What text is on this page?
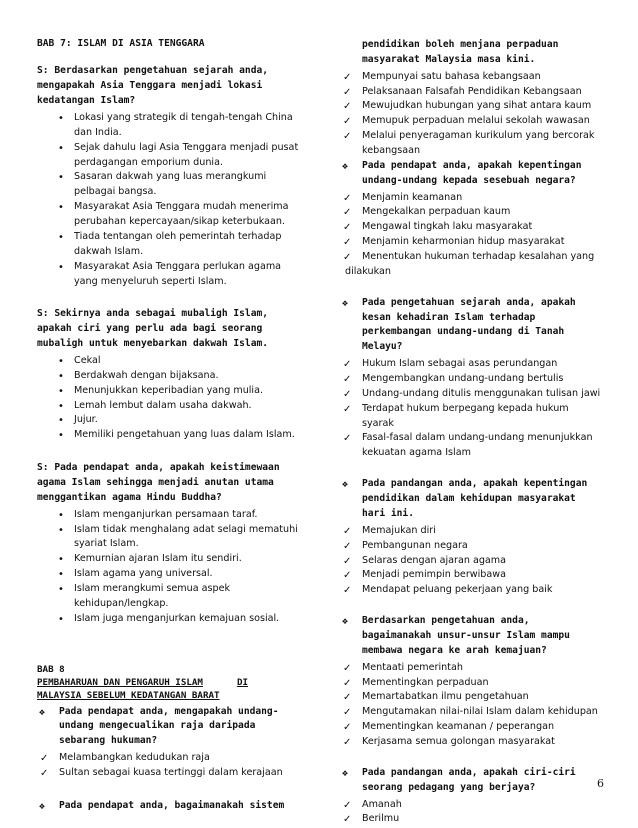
BAB 7: ISLAM DI ASIA TENGGARA
S: Berdasarkan pengetahuan sejarah anda, mengapakah Asia Tenggara menjadi lokasi kedatangan Islam?
• Lokasi yang strategik di tengah-tengah China dan India.
• Sejak dahulu lagi Asia Tenggara menjadi pusat perdagangan emporium dunia.
• Sasaran dakwah yang luas merangkumi pelbagai bangsa.
• Masyarakat Asia Tenggara mudah menerima perubahan kepercayaan/sikap keterbukaan.
• Tiada tentangan oleh pemerintah terhadap dakwah Islam.
• Masyarakat Asia Tenggara perlukan agama yang menyeluruh seperti Islam.
S: Sekirnya anda sebagai mubaligh Islam, apakah ciri yang perlu ada bagi seorang mubaligh untuk menyebarkan dakwah Islam.
• Cekal
• Berdakwah dengan bijaksana.
• Menunjukkan keperibadian yang mulia.
• Lemah lembut dalam usaha dakwah.
• Jujur.
• Memiliki pengetahuan yang luas dalam Islam.
S: Pada pendapat anda, apakah keistimewaan agama Islam sehingga menjadi anutan utama menggantikan agama Hindu Buddha?
• Islam menganjurkan persamaan taraf.
• Islam tidak menghalang adat selagi mematuhi syariat Islam.
• Kemurnian ajaran Islam itu sendiri.
• Islam agama yang universal.
• Islam merangkumi semua aspek kehidupan/lengkap.
• Islam juga menganjurkan kemajuan sosial.
BAB 8
PEMBAHARUAN DAN PENGARUH ISLAM	DI
MALAYSIA SEBELUM KEDATANGAN BARAT
❖ Pada pendapat anda, mengapakah undang-undang mengecualikan raja daripada sebarang hukuman?
✓ Melambangkan kedudukan raja
✓ Sultan sebagai kuasa tertinggi dalam kerajaan
❖ Pada pendapat anda, bagaimanakah sistem
pendidikan boleh menjana perpaduan masyarakat Malaysia masa kini.
✓ Mempunyai satu bahasa kebangsaan
✓ Pelaksanaan Falsafah Pendidikan Kebangsaan
✓ Mewujudkan hubungan yang sihat antara kaum
✓ Memupuk perpaduan melalui sekolah wawasan
✓ Melalui penyeragaman kurikulum yang bercorak kebangsaan
❖ Pada pendapat anda, apakah kepentingan undang-undang kepada sesebuah negara?
✓ Menjamin keamanan
✓ Mengekalkan perpaduan kaum
✓ Mengawal tingkah laku masyarakat
✓ Menjamin keharmonian hidup masyarakat
✓ Menentukan hukuman terhadap kesalahan yang
dilakukan
❖ Pada pengetahuan sejarah anda, apakah kesan kehadiran Islam terhadap perkembangan undang-undang di Tanah Melayu?
✓ Hukum Islam sebagai asas perundangan
✓ Mengembangkan undang-undang bertulis
✓ Undang-undang ditulis menggunakan tulisan jawi
✓ Terdapat hukum berpegang kepada hukum syarak
✓ Fasal-fasal dalam undang-undang menunjukkan kekuatan agama Islam
❖ Pada pandangan anda, apakah kepentingan pendidikan dalam kehidupan masyarakat hari ini.
✓ Memajukan diri
✓ Pembangunan negara
✓ Selaras dengan ajaran agama
✓ Menjadi pemimpin berwibawa
✓ Mendapat peluang pekerjaan yang baik
❖ Berdasarkan pengetahuan anda, bagaimanakah unsur-unsur Islam mampu membawa negara ke arah kemajuan?
✓ Mentaati pemerintah
✓ Mementingkan perpaduan
✓ Memartabatkan ilmu pengetahuan
✓ Mengutamakan nilai-nilai Islam dalam kehidupan
✓ Mementingkan keamanan / peperangan
✓ Kerjasama semua golongan masyarakat
❖ Pada pandangan anda, apakah ciri-ciri seorang pedagang yang berjaya?
✓ Amanah
✓ Berilmu
6
